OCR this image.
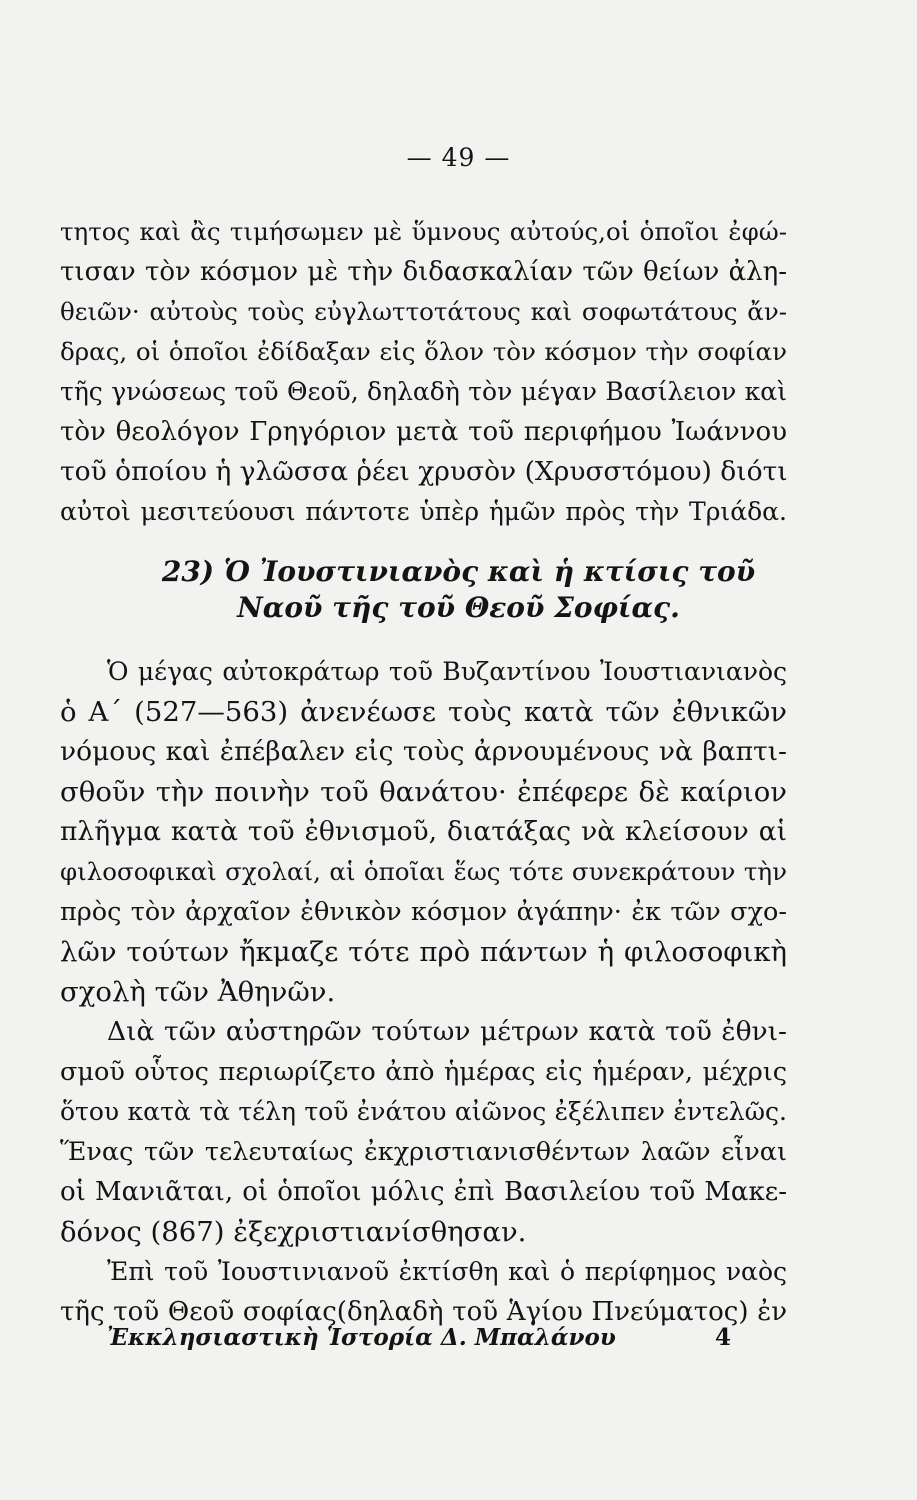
— 49 —
τητος καὶ ἂς τιμήσωμεν μὲ ὕμνους αὐτούς,οἱ ὁποῖοι ἐφώ-
τισαν τὸν κόσμον μὲ τὴν διδασκαλίαν τῶν θείων ἀλη-
θειῶν· αὐτοὺς τοὺς εὐγλωττοτάτους καὶ σοφωτάτους ἄν-
δρας, οἱ ὁποῖοι ἐδίδαξαν εἰς ὅλον τὸν κόσμον τὴν σοφίαν
τῆς γνώσεως τοῦ Θεοῦ, δηλαδὴ τὸν μέγαν Βασίλειον καὶ
τὸν θεολόγον Γρηγόριον μετὰ τοῦ περιφήμου Ἰωάννου
τοῦ ὁποίου ἡ γλῶσσα ῥέει χρυσὸν (Χρυσστόμου) διότι
αὐτοὶ μεσιτεύουσι πάντοτε ὑπὲρ ἡμῶν πρὸς τὴν Τριάδα.
23) Ὁ Ἰουστινιανὸς καὶ ἡ κτίσις τοῦ
Ναοῦ τῆς τοῦ Θεοῦ Σοφίας.
Ὁ μέγας αὐτοκράτωρ τοῦ Βυζαντίνου Ἰουστιανιανὸς
ὁ Α΄ (527—563) ἀνενέωσε τοὺς κατὰ τῶν ἐθνικῶν
νόμους καὶ ἐπέβαλεν εἰς τοὺς ἀρνουμένους νὰ βαπτι-
σθοῦν τὴν ποινὴν τοῦ θανάτου· ἐπέφερε δὲ καίριον
πλῆγμα κατὰ τοῦ ἐθνισμοῦ, διατάξας νὰ κλείσουν αἱ
φιλοσοφικαὶ σχολαί, αἱ ὁποῖαι ἕως τότε συνεκράτουν τὴν
πρὸς τὸν ἀρχαῖον ἐθνικὸν κόσμον ἀγάπην· ἐκ τῶν σχο-
λῶν τούτων ἤκμαζε τότε πρὸ πάντων ἡ φιλοσοφικὴ
σχολὴ τῶν Ἀθηνῶν.
Διὰ τῶν αὐστηρῶν τούτων μέτρων κατὰ τοῦ ἐθνι-
σμοῦ οὗτος περιωρίζετο ἀπὸ ἡμέρας εἰς ἡμέραν, μέχρις
ὅτου κατὰ τὰ τέλη τοῦ ἐνάτου αἰῶνος ἐξέλιπεν ἐντελῶς.
Ἕνας τῶν τελευταίως ἐκχριστιανισθέντων λαῶν εἶναι
οἱ Μανιᾶται, οἱ ὁποῖοι μόλις ἐπὶ Βασιλείου τοῦ Μακε-
δόνος (867) ἐξεχριστιανίσθησαν.
Ἐπὶ τοῦ Ἰουστινιανοῦ ἐκτίσθη καὶ ὁ περίφημος ναὸς
τῆς τοῦ Θεοῦ σοφίας(δηλαδὴ τοῦ Ἁγίου Πνεύματος) ἐν
Ἐκκλησιαστικὴ Ἱστορία Δ. Μπαλάνου	4
